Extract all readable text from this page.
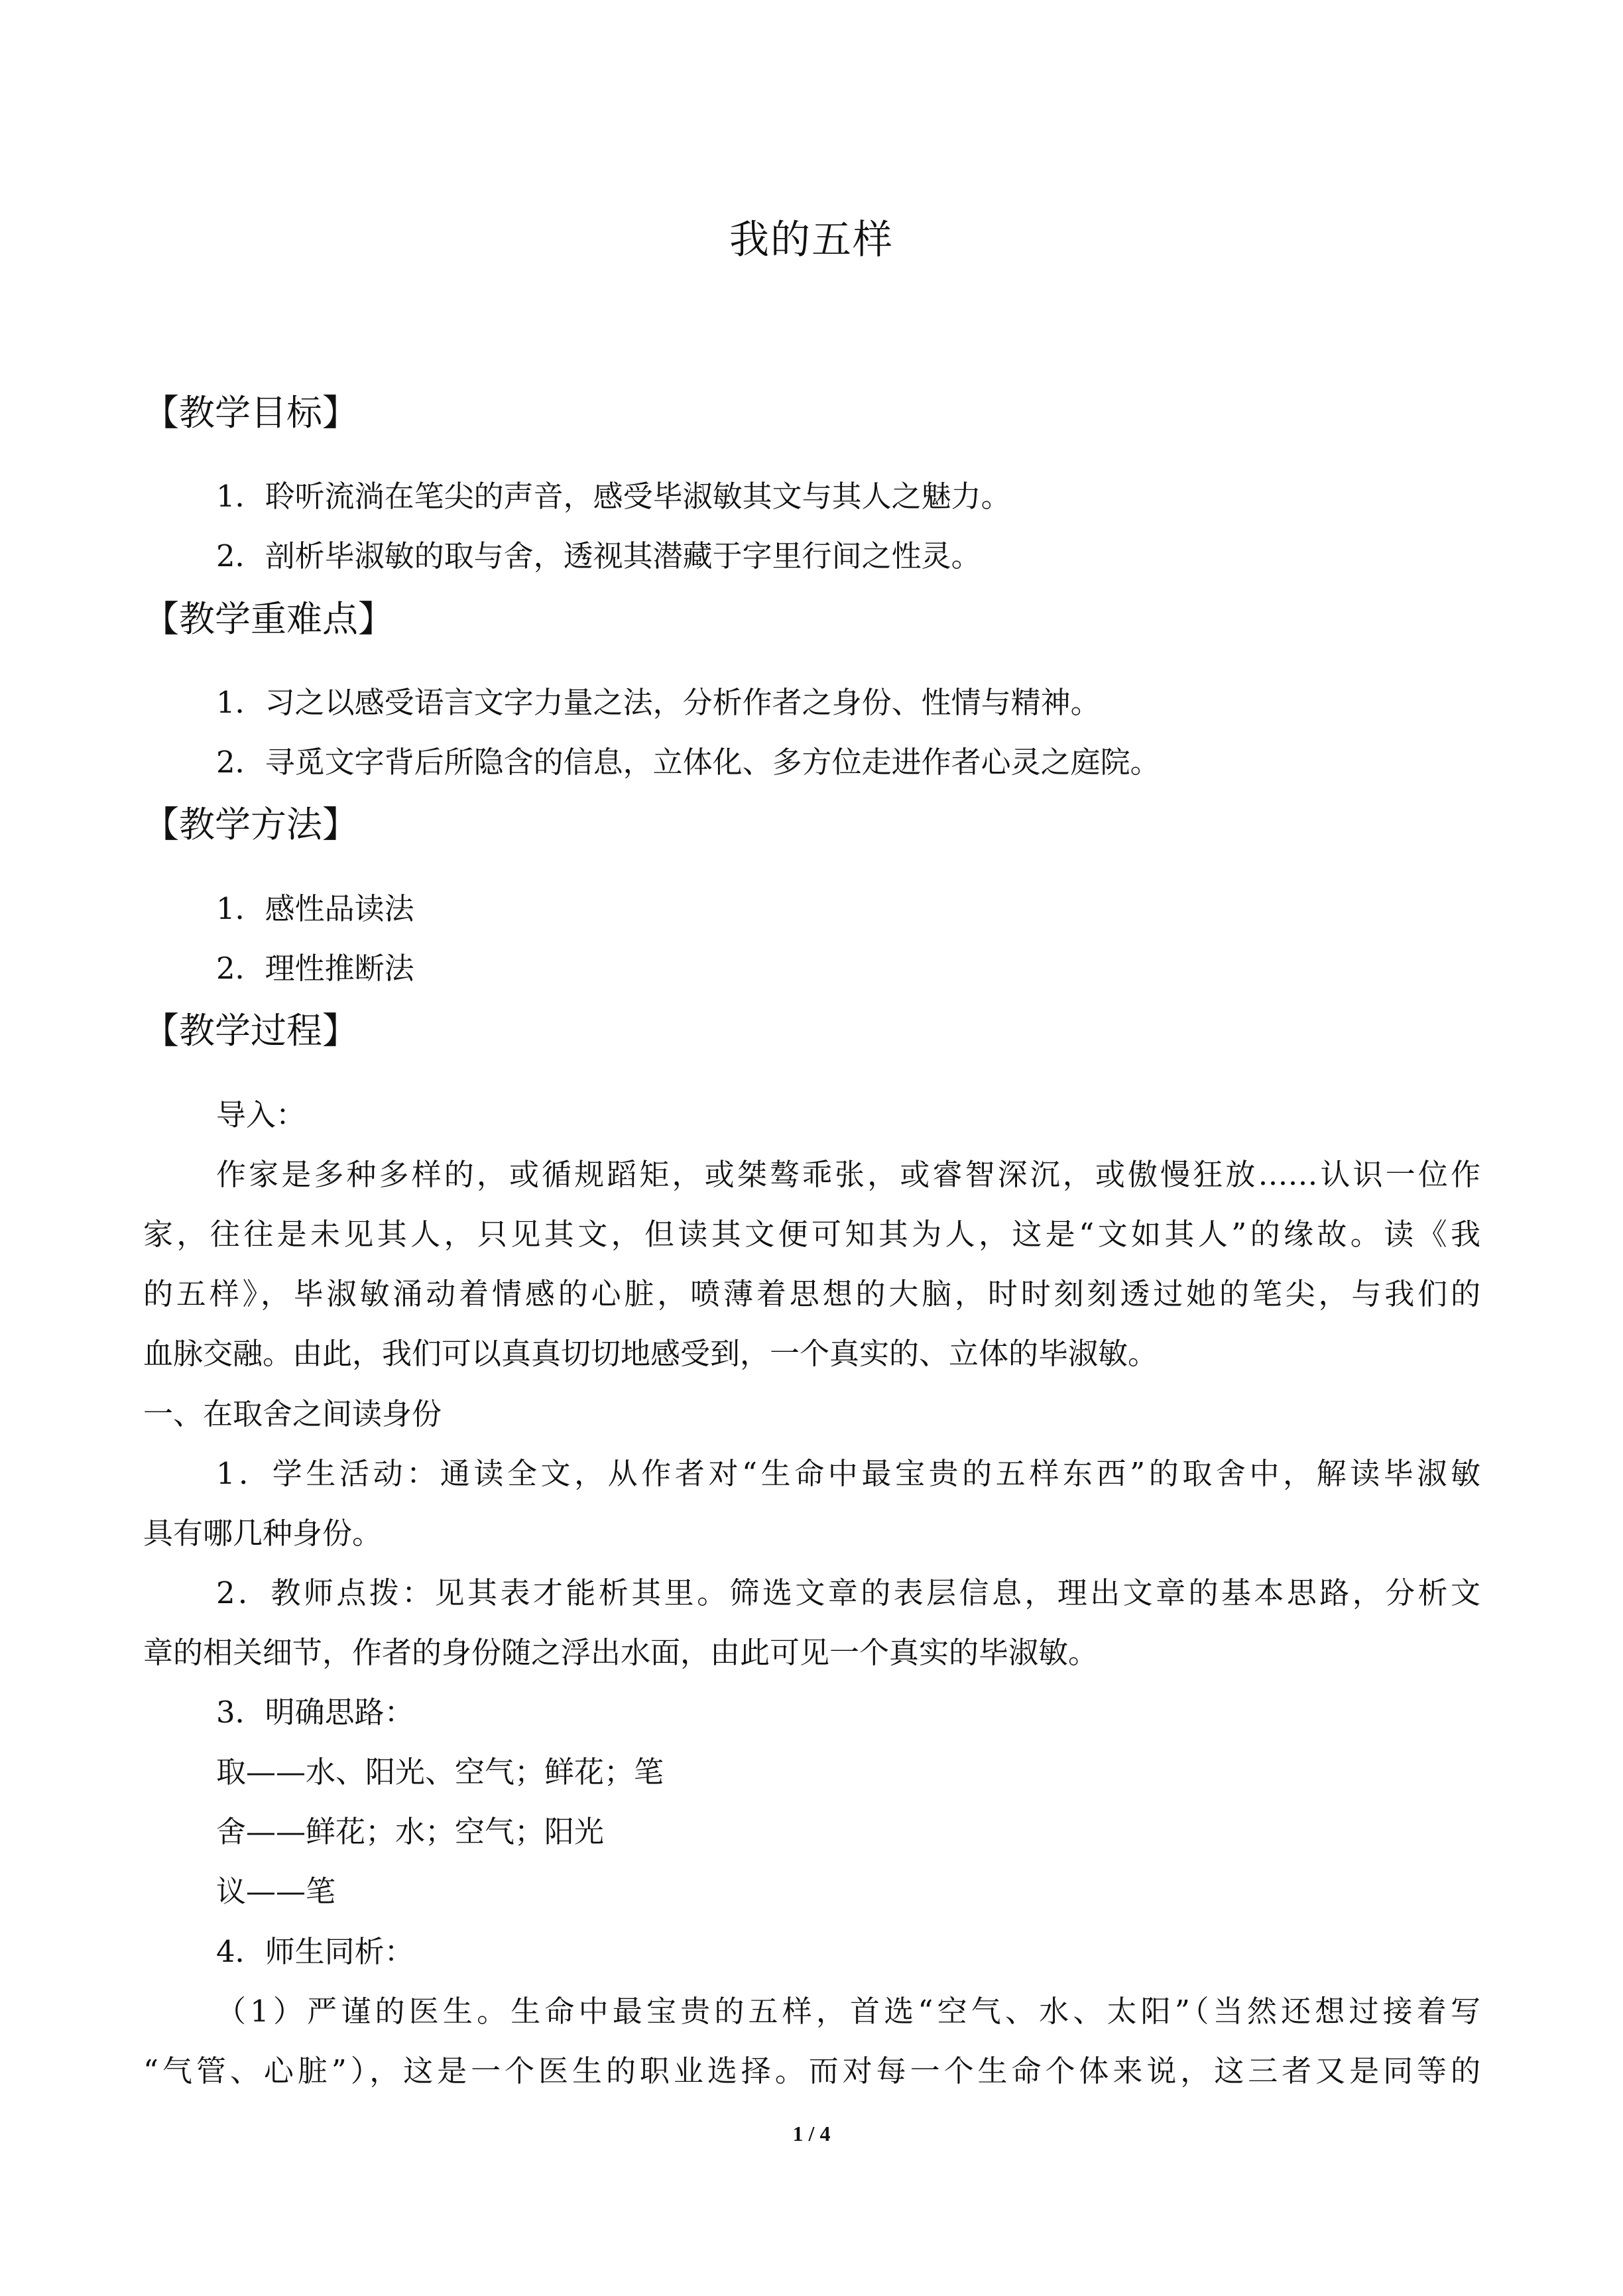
我的五样
【教学目标】
1．聆听流淌在笔尖的声音，感受毕淑敏其文与其人之魅力。
2．剖析毕淑敏的取与舍，透视其潜藏于字里行间之性灵。
【教学重难点】
1．习之以感受语言文字力量之法，分析作者之身份、性情与精神。
2．寻觅文字背后所隐含的信息，立体化、多方位走进作者心灵之庭院。
【教学方法】
1．感性品读法
2．理性推断法
【教学过程】
导入：
作家是多种多样的，或循规蹈矩，或桀骜乖张，或睿智深沉，或傲慢狂放……认识一位作
家，往往是未见其人，只见其文，但读其文便可知其为人，这是“文如其人”的缘故。读《我
的五样》，毕淑敏涌动着情感的心脏，喷薄着思想的大脑，时时刻刻透过她的笔尖，与我们的
血脉交融。由此，我们可以真真切切地感受到，一个真实的、立体的毕淑敏。
一、在取舍之间读身份
1．学生活动：通读全文，从作者对“生命中最宝贵的五样东西”的取舍中，解读毕淑敏
具有哪几种身份。
2．教师点拨：见其表才能析其里。筛选文章的表层信息，理出文章的基本思路，分析文
章的相关细节，作者的身份随之浮出水面，由此可见一个真实的毕淑敏。
3．明确思路：
取——水、阳光、空气；鲜花；笔
舍——鲜花；水；空气；阳光
议——笔
4．师生同析：
（1）严谨的医生。生命中最宝贵的五样，首选“空气、水、太阳”（当然还想过接着写
“气管、心脏”），这是一个医生的职业选择。而对每一个生命个体来说，这三者又是同等的
1 / 4
